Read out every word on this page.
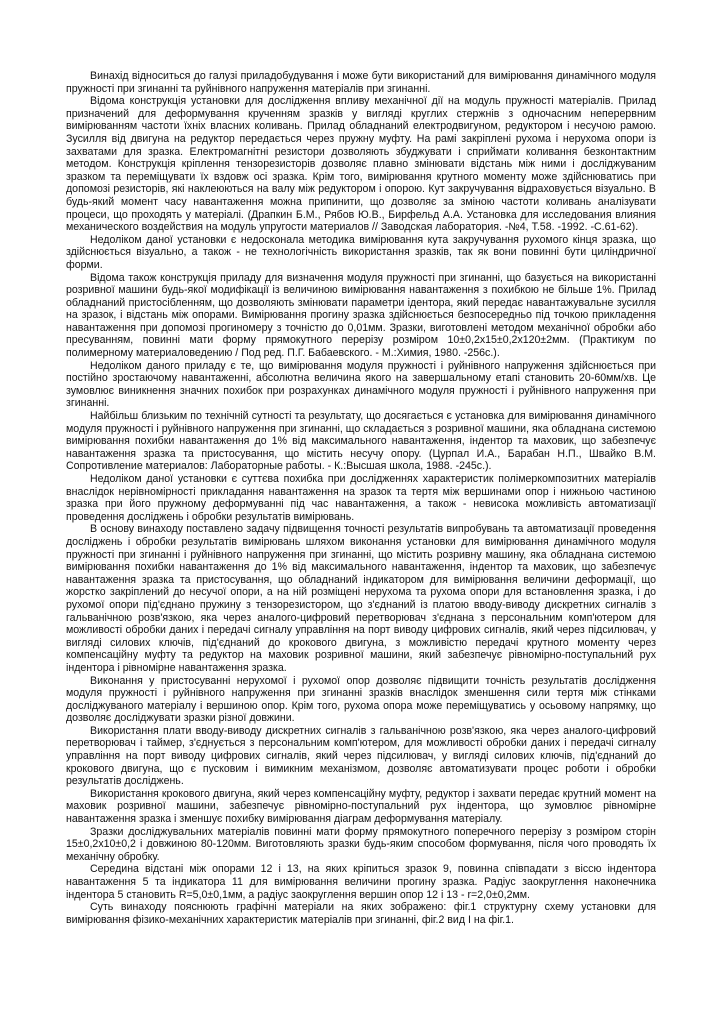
Винахід відноситься до галузі приладобудування і може бути використаний для вимірювання динамічного модуля пружності при згинанні та руйнівного напруження матеріалів при згинанні.

Відома конструкція установки для дослідження впливу механічної дії на модуль пружності матеріалів. Прилад призначений для деформування крученням зразків у вигляді круглих стержнів з одночасним неперервним вимірюванням частоти їхніх власних коливань. Прилад обладнаний електродвигуном, редуктором і несучою рамою. Зусилля від двигуна на редуктор передається через пружну муфту. На рамі закріплені рухома і нерухома опори із захватами для зразка. Електромагнітні резистори дозволяють збуджувати і сприймати коливання безконтактним методом. Конструкція кріплення тензорезисторів дозволяє плавно змінювати відстань між ними і досліджуваним зразком та переміщувати їх вздовж осі зразка. Крім того, вимірювання крутного моменту може здійснюватись при допомозі резисторів, які наклеюються на валу між редуктором і опорою. Кут закручування відраховується візуально. В будь-який момент часу навантаження можна припинити, що дозволяє за зміною частоти коливань аналізувати процеси, що проходять у матеріалі. (Драпкин Б.М., Рябов Ю.В., Бирфельд А.А. Установка для исследования влияния механического воздействия на модуль упругости материалов // Заводская лаборатория. -№4, Т.58. -1992. -С.61-62).

Недоліком даної установки є недосконала методика вимірювання кута закручування рухомого кінця зразка, що здійснюється візуально, а також - не технологічність використання зразків, так як вони повинні бути циліндричної форми.

Відома також конструкція приладу для визначення модуля пружності при згинанні, що базується на використанні розривної машини будь-якої модифікації із величиною вимірювання навантаження з похибкою не більше 1%. Прилад обладнаний пристосібленням, що дозволяють змінювати параметри ідентора, який передає навантажувальне зусилля на зразок, і відстань між опорами. Вимірювання прогину зразка здійснюється безпосередньо під точкою прикладення навантаження при допомозі прогиномеру з точністю до 0,01мм. Зразки, виготовлені методом механічної обробки або пресуванням, повинні мати форму прямокутного перерізу розміром 10±0,2х15±0,2х120±2мм. (Практикум по полимерному материаловедению / Под ред. П.Г. Бабаевского. - М.:Химия, 1980. -256с.).

Недоліком даного приладу є те, що вимірювання модуля пружності і руйнівного напруження здійснюється при постійно зростаючому навантаженні, абсолютна величина якого на завершальному етапі становить 20-60мм/хв. Це зумовлює виникнення значних похибок при розрахунках динамічного модуля пружності і руйнівного напруження при згинанні.

Найбільш близьким по технічній сутності та результату, що досягається є установка для вимірювання динамічного модуля пружності і руйнівного напруження при згинанні, що складається з розривної машини, яка обладнана системою вимірювання похибки навантаження до 1% від максимального навантаження, індентор та маховик, що забезпечує навантаження зразка та пристосування, що містить несучу опору. (Цурпал И.А., Барабан Н.П., Швайко В.М. Сопротивление материалов: Лабораторные работы. - К.:Высшая школа, 1988. -245с.).

Недоліком даної установки є суттєва похибка при дослідженнях характеристик полімеркомпозитних матеріалів внаслідок нерівномірності прикладання навантаження на зразок та тертя між вершинами опор і нижньою частиною зразка при його пружному деформуванні під час навантаження, а також - невисока можливість автоматизації проведення досліджень і обробки результатів вимірювань.

В основу винаходу поставлено задачу підвищення точності результатів випробувань та автоматизації проведення досліджень і обробки результатів вимірювань шляхом виконання установки для вимірювання динамічного модуля пружності при згинанні і руйнівного напруження при згинанні, що містить розривну машину, яка обладнана системою вимірювання похибки навантаження до 1% від максимального навантаження, індентор та маховик, що забезпечує навантаження зразка та пристосування, що обладнаний індикатором для вимірювання величини деформації, що жорстко закріплений до несучої опори, а на ній розміщені нерухома та рухома опори для встановлення зразка, і до рухомої опори під'єднано пружину з тензорезистором, що з'єднаний із платою вводу-виводу дискретних сигналів з гальванічною розв'язкою, яка через аналого-цифровий перетворювач з'єднана з персональним комп'ютером для можливості обробки даних і передачі сигналу управління на порт виводу цифрових сигналів, який через підсилювач, у вигляді силових ключів, під'єднаний до крокового двигуна, з можливістю передачі крутного моменту через компенсаційну муфту та редуктор на маховик розривної машини, який забезпечує рівномірно-поступальний рух індентора і рівномірне навантаження зразка.

Виконання у пристосуванні нерухомої і рухомої опор дозволяє підвищити точність результатів дослідження модуля пружності і руйнівного напруження при згинанні зразків внаслідок зменшення сили тертя між стінками досліджуваного матеріалу і вершиною опор. Крім того, рухома опора може переміщуватись у осьовому напрямку, що дозволяє досліджувати зразки різної довжини.

Використання плати вводу-виводу дискретних сигналів з гальванічною розв'язкою, яка через аналого-цифровий перетворювач і таймер, з'єднується з персональним комп'ютером, для можливості обробки даних і передачі сигналу управління на порт виводу цифрових сигналів, який через підсилювач, у вигляді силових ключів, під'єднаний до крокового двигуна, що є пусковим і вимикним механізмом, дозволяє автоматизувати процес роботи і обробки результатів досліджень.

Використання крокового двигуна, який через компенсаційну муфту, редуктор і захвати передає крутний момент на маховик розривної машини, забезпечує рівномірно-поступальний рух індентора, що зумовлює рівномірне навантаження зразка і зменшує похибку вимірювання діаграм деформування матеріалу.

Зразки досліджувальних матеріалів повинні мати форму прямокутного поперечного перерізу з розміром сторін 15±0,2х10±0,2 і довжиною 80-120мм. Виготовляють зразки будь-яким способом формування, після чого проводять їх механічну обробку.

Середина відстані між опорами 12 і 13, на яких кріпиться зразок 9, повинна співпадати з віссю індентора навантаження 5 та індикатора 11 для вимірювання величини прогину зразка. Радіус заокруглення наконечника індентора 5 становить R=5,0±0,1мм, а радіус заокруглення вершин опор 12 і 13 - r=2,0±0,2мм.

Суть винаходу пояснюють графічні матеріали на яких зображено: фіг.1 структурну схему установки для вимірювання фізико-механічних характеристик матеріалів при згинанні, фіг.2 вид І на фіг.1.
